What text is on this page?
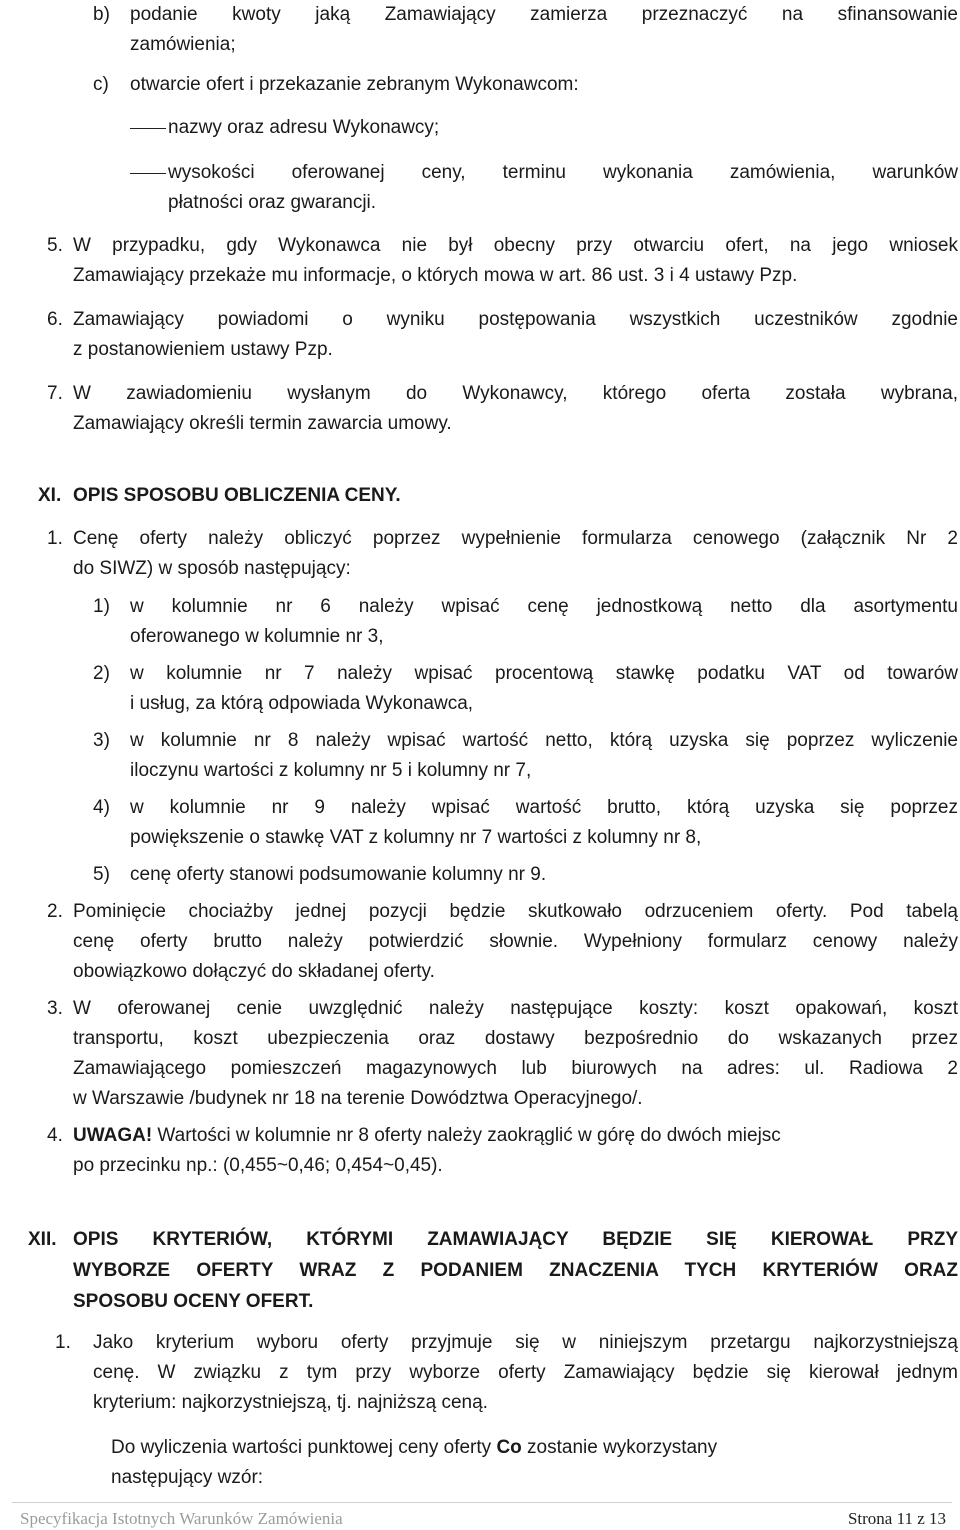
b) podanie kwoty jaką Zamawiający zamierza przeznaczyć na sfinansowanie
zamówienia;
c) otwarcie ofert i przekazanie zebranym Wykonawcom:
nazwy oraz adresu Wykonawcy;
wysokości oferowanej ceny, terminu wykonania zamówienia, warunków
płatności oraz gwarancji.
5. W przypadku, gdy Wykonawca nie był obecny przy otwarciu ofert, na jego wniosek
Zamawiający przekaże mu informacje, o których mowa w art. 86 ust. 3 i 4 ustawy Pzp.
6. Zamawiający powiadomi o wyniku postępowania wszystkich uczestników zgodnie
z postanowieniem ustawy Pzp.
7. W zawiadomieniu wysłanym do Wykonawcy, którego oferta została wybrana,
Zamawiający określi termin zawarcia umowy.
XI. OPIS SPOSOBU OBLICZENIA CENY.
1. Cenę oferty należy obliczyć poprzez wypełnienie formularza cenowego (załącznik Nr 2
do SIWZ) w sposób następujący:
1) w kolumnie nr 6 należy wpisać cenę jednostkową netto dla asortymentu
oferowanego w kolumnie nr 3,
2) w kolumnie nr 7 należy wpisać procentową stawkę podatku VAT od towarów
i usług, za którą odpowiada Wykonawca,
3) w kolumnie nr 8 należy wpisać wartość netto, którą uzyska się poprzez wyliczenie
iloczynu wartości z kolumny nr 5 i kolumny nr 7,
4) w kolumnie nr 9 należy wpisać wartość brutto, którą uzyska się poprzez
powiększenie o stawkę VAT z kolumny nr 7 wartości z kolumny nr 8,
5) cenę oferty stanowi podsumowanie kolumny nr 9.
2. Pominięcie chociażby jednej pozycji będzie skutkowało odrzuceniem oferty. Pod tabelą
cenę oferty brutto należy potwierdzić słownie. Wypełniony formularz cenowy należy
obowiązkowo dołączyć do składanej oferty.
3. W oferowanej cenie uwzględnić należy następujące koszty: koszt opakowań, koszt
transportu, koszt ubezpieczenia oraz dostawy bezpośrednio do wskazanych przez
Zamawiającego pomieszczeń magazynowych lub biurowych na adres: ul. Radiowa 2
w Warszawie /budynek nr 18 na terenie Dowództwa Operacyjnego/.
4. UWAGA! Wartości w kolumnie nr 8 oferty należy zaokrąglić w górę do dwóch miejsc
po przecinku np.: (0,455~0,46; 0,454~0,45).
XII. OPIS KRYTERIÓW, KTÓRYMI ZAMAWIAJĄCY BĘDZIE SIĘ KIEROWAŁ PRZY
WYBORZE OFERTY WRAZ Z PODANIEM ZNACZENIA TYCH KRYTERIÓW ORAZ
SPOSOBU OCENY OFERT.
1. Jako kryterium wyboru oferty przyjmuje się w niniejszym przetargu najkorzystniejszą
cenę. W związku z tym przy wyborze oferty Zamawiający będzie się kierował jednym
kryterium: najkorzystniejszą, tj. najniższą ceną.
Do wyliczenia wartości punktowej ceny oferty Co zostanie wykorzystany
następujący wzór:
Specyfikacja Istotnych Warunków Zamówienia	Strona 11 z 13
